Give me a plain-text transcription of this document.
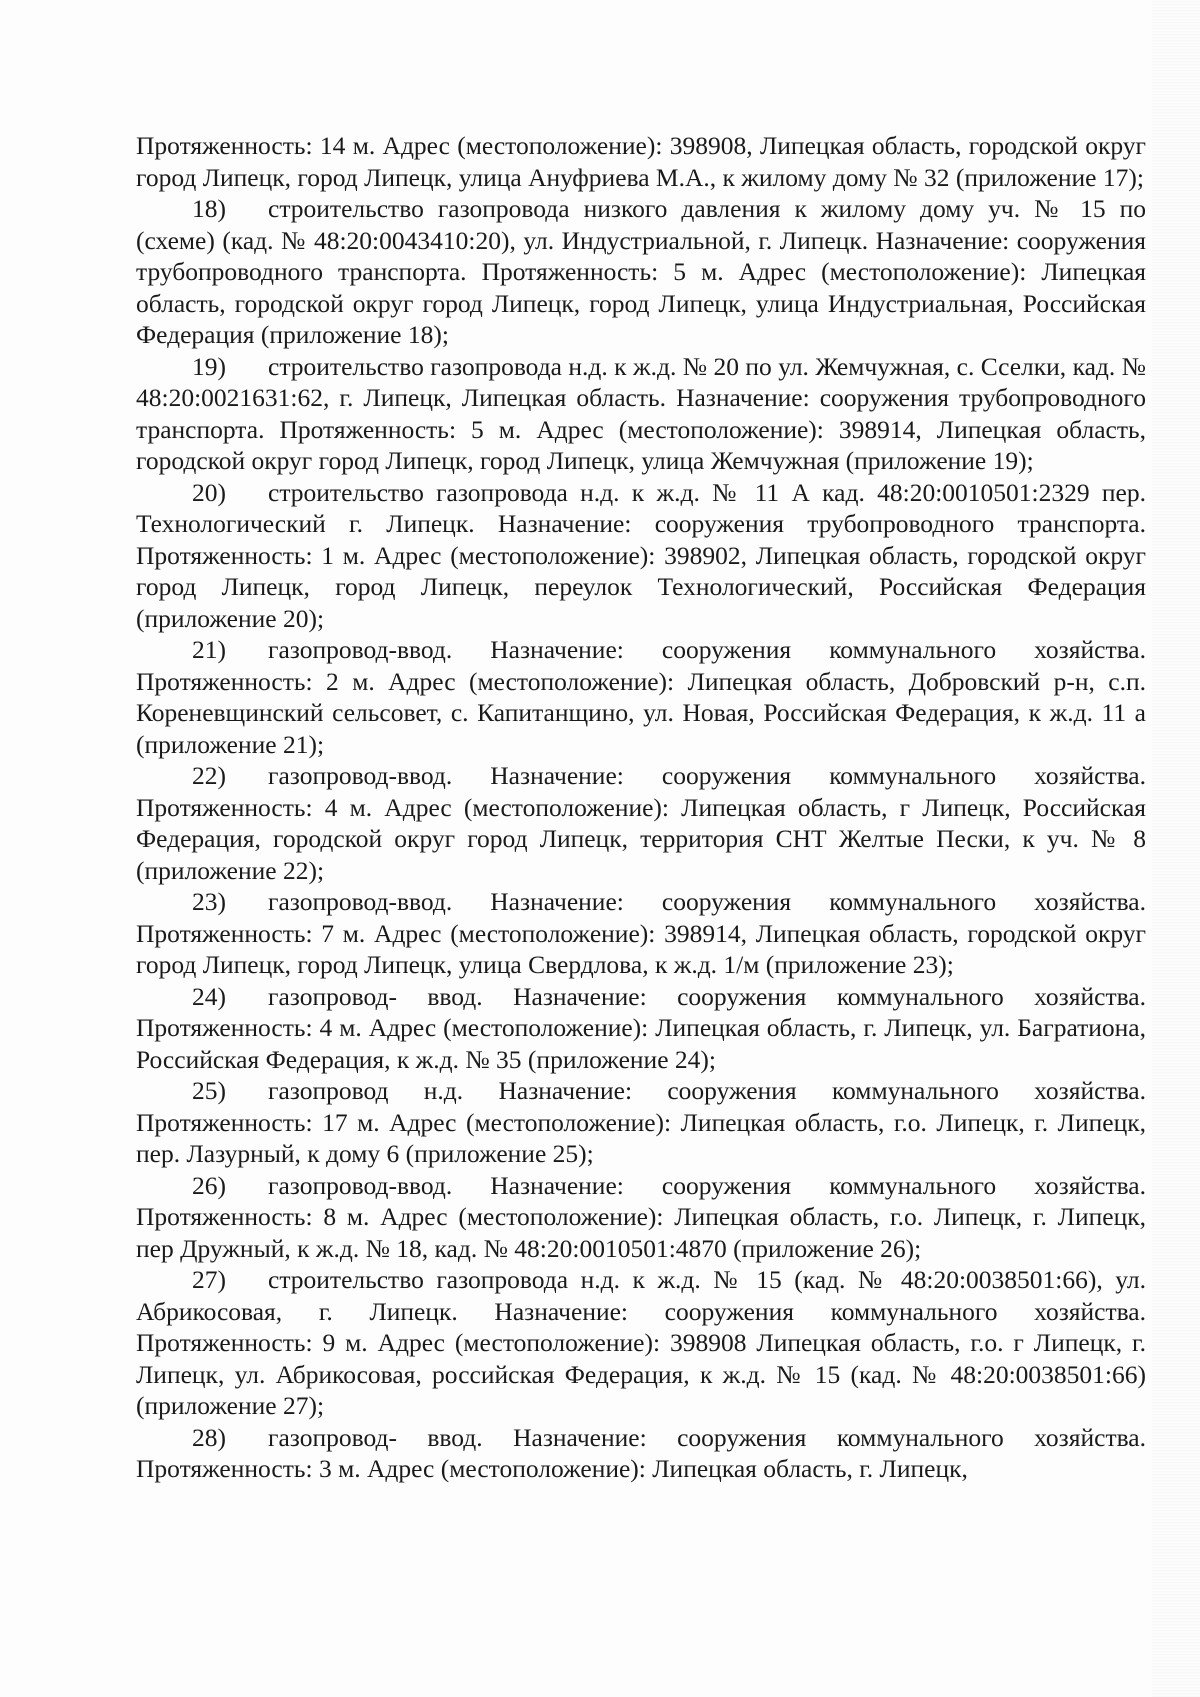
Протяженность: 14 м. Адрес (местоположение): 398908, Липецкая область, городской округ город Липецк, город Липецк, улица Ануфриева М.А., к жилому дому № 32 (приложение 17);

18) строительство газопровода низкого давления к жилому дому уч. № 15 по (схеме) (кад. № 48:20:0043410:20), ул. Индустриальной, г. Липецк. Назначение: сооружения трубопроводного транспорта. Протяженность: 5 м. Адрес (местоположение): Липецкая область, городской округ город Липецк, город Липецк, улица Индустриальная, Российская Федерация (приложение 18);

19) строительство газопровода н.д. к ж.д. № 20 по ул. Жемчужная, с. Сселки, кад. № 48:20:0021631:62, г. Липецк, Липецкая область. Назначение: сооружения трубопроводного транспорта. Протяженность: 5 м. Адрес (местоположение): 398914, Липецкая область, городской округ город Липецк, город Липецк, улица Жемчужная (приложение 19);

20) строительство газопровода н.д. к ж.д. № 11 А кад. 48:20:0010501:2329 пер. Технологический г. Липецк. Назначение: сооружения трубопроводного транспорта. Протяженность: 1 м. Адрес (местоположение): 398902, Липецкая область, городской округ город Липецк, город Липецк, переулок Технологический, Российская Федерация (приложение 20);

21) газопровод-ввод. Назначение: сооружения коммунального хозяйства. Протяженность: 2 м. Адрес (местоположение): Липецкая область, Добровский р-н, с.п. Кореневщинский сельсовет, с. Капитанщино, ул. Новая, Российская Федерация, к ж.д. 11 а (приложение 21);

22) газопровод-ввод. Назначение: сооружения коммунального хозяйства. Протяженность: 4 м. Адрес (местоположение): Липецкая область, г Липецк, Российская Федерация, городской округ город Липецк, территория СНТ Желтые Пески, к уч. № 8 (приложение 22);

23) газопровод-ввод. Назначение: сооружения коммунального хозяйства. Протяженность: 7 м. Адрес (местоположение): 398914, Липецкая область, городской округ город Липецк, город Липецк, улица Свердлова, к ж.д. 1/м (приложение 23);

24) газопровод- ввод. Назначение: сооружения коммунального хозяйства. Протяженность: 4 м. Адрес (местоположение): Липецкая область, г. Липецк, ул. Багратиона, Российская Федерация, к ж.д. № 35 (приложение 24);

25) газопровод н.д. Назначение: сооружения коммунального хозяйства. Протяженность: 17 м. Адрес (местоположение): Липецкая область, г.о. Липецк, г. Липецк, пер. Лазурный, к дому 6 (приложение 25);

26) газопровод-ввод. Назначение: сооружения коммунального хозяйства. Протяженность: 8 м. Адрес (местоположение): Липецкая область, г.о. Липецк, г. Липецк, пер Дружный, к ж.д. № 18, кад. № 48:20:0010501:4870 (приложение 26);

27) строительство газопровода н.д. к ж.д. № 15 (кад. № 48:20:0038501:66), ул. Абрикосовая, г. Липецк. Назначение: сооружения коммунального хозяйства. Протяженность: 9 м. Адрес (местоположение): 398908 Липецкая область, г.о. г Липецк, г. Липецк, ул. Абрикосовая, российская Федерация, к ж.д. № 15 (кад. № 48:20:0038501:66) (приложение 27);

28) газопровод- ввод. Назначение: сооружения коммунального хозяйства. Протяженность: 3 м. Адрес (местоположение): Липецкая область, г. Липецк,
